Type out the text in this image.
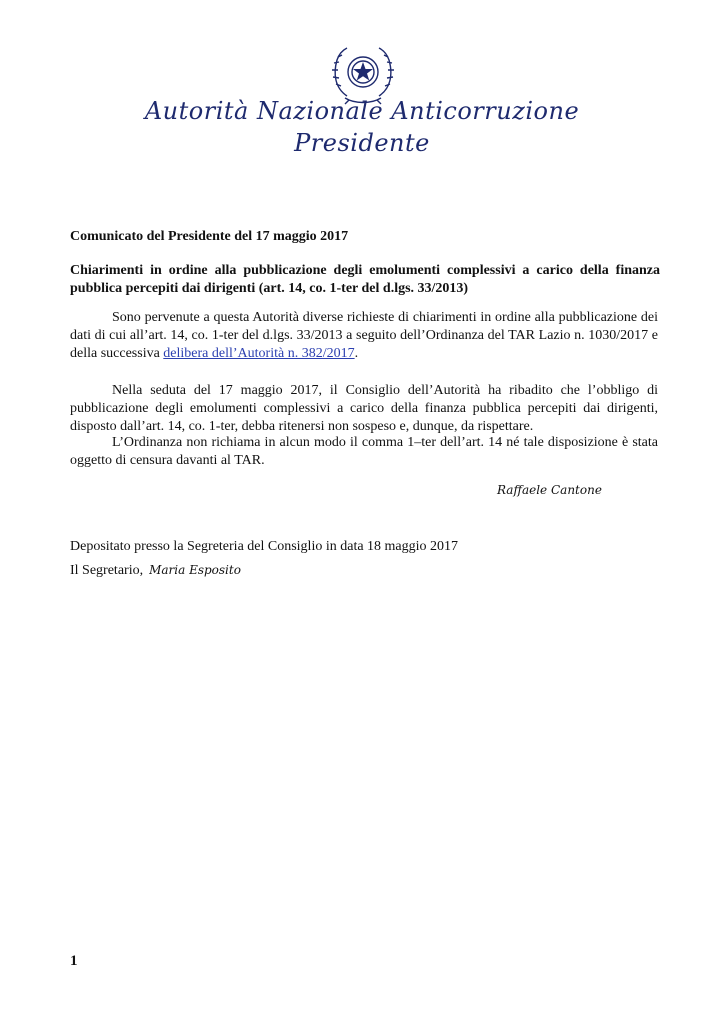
Autorità Nazionale Anticorruzione
Presidente
Comunicato del Presidente del 17 maggio 2017
Chiarimenti in ordine alla pubblicazione degli emolumenti complessivi a carico della finanza pubblica percepiti dai dirigenti (art. 14, co. 1-ter del d.lgs. 33/2013)

Sono pervenute a questa Autorità diverse richieste di chiarimenti in ordine alla pubblicazione dei dati di cui all’art. 14, co. 1-ter del d.lgs. 33/2013 a seguito dell’Ordinanza del TAR Lazio n. 1030/2017 e della successiva delibera dell’Autorità n. 382/2017.

Nella seduta del 17 maggio 2017, il Consiglio dell’Autorità ha ribadito che l’obbligo di pubblicazione degli emolumenti complessivi a carico della finanza pubblica percepiti dai dirigenti, disposto dall’art. 14, co. 1-ter, debba ritenersi non sospeso e, dunque, da rispettare.

L’Ordinanza non richiama in alcun modo il comma 1–ter dell’art. 14 né tale disposizione è stata oggetto di censura davanti al TAR.

Raffaele Cantone
Depositato presso la Segreteria del Consiglio in data 18 maggio 2017
Il Segretario, Maria Esposito
1
